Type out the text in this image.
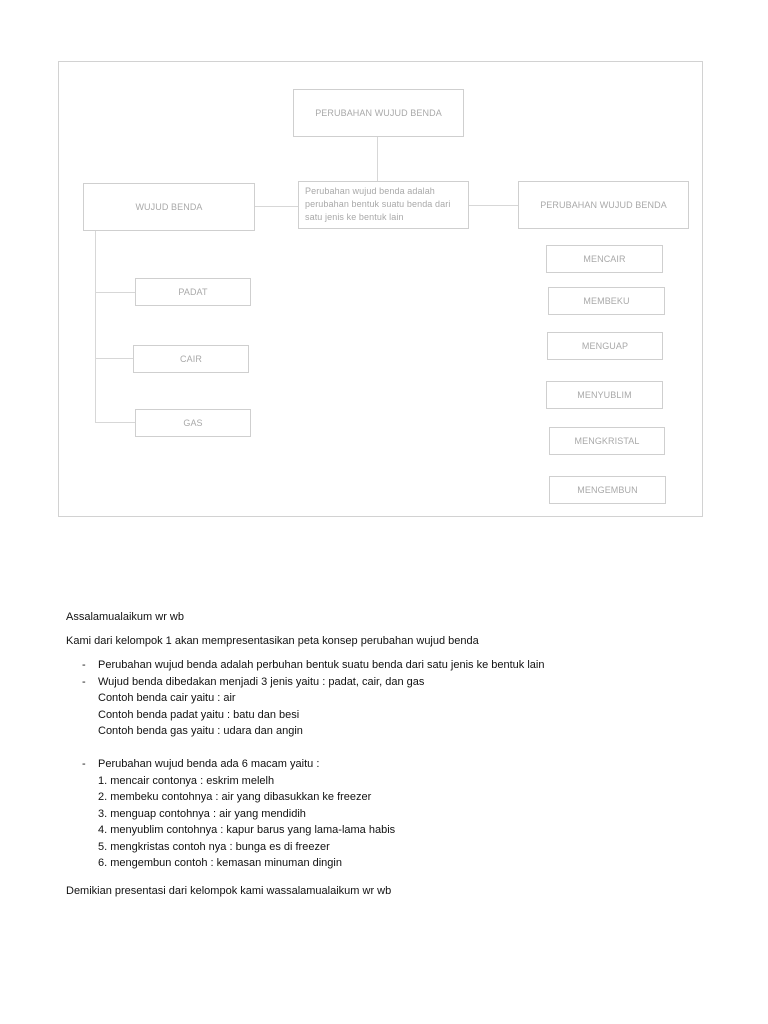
PERUBAHAN WUJUD BENDA
Perubahan wujud benda adalah perubahan bentuk suatu benda dari satu jenis ke bentuk lain
WUJUD BENDA	PERUBAHAN WUJUD BENDA
PADAT
CAIR
GAS
MENCAIR
MEMBEKU
MENGUAP
MENYUBLIM
MENGKRISTAL
MENGEMBUN
Assalamualaikum wr wb
Kami dari kelompok 1 akan mempresentasikan peta konsep perubahan wujud benda
- Perubahan wujud benda adalah perbuhan bentuk suatu benda dari satu jenis ke bentuk lain
- Wujud benda dibedakan menjadi 3 jenis yaitu : padat, cair, dan gas
Contoh benda cair yaitu : air
Contoh benda padat yaitu : batu dan besi
Contoh benda gas yaitu : udara dan angin
- Perubahan wujud benda ada 6 macam yaitu :
1. mencair contonya : eskrim melelh
2. membeku contohnya : air yang dibasukkan ke freezer
3. menguap contohnya : air yang mendidih
4. menyublim contohnya : kapur barus yang lama-lama habis
5. mengkristas contoh nya : bunga es di freezer
6. mengembun contoh : kemasan minuman dingin
Demikian presentasi dari kelompok kami wassalamualaikum wr wb
